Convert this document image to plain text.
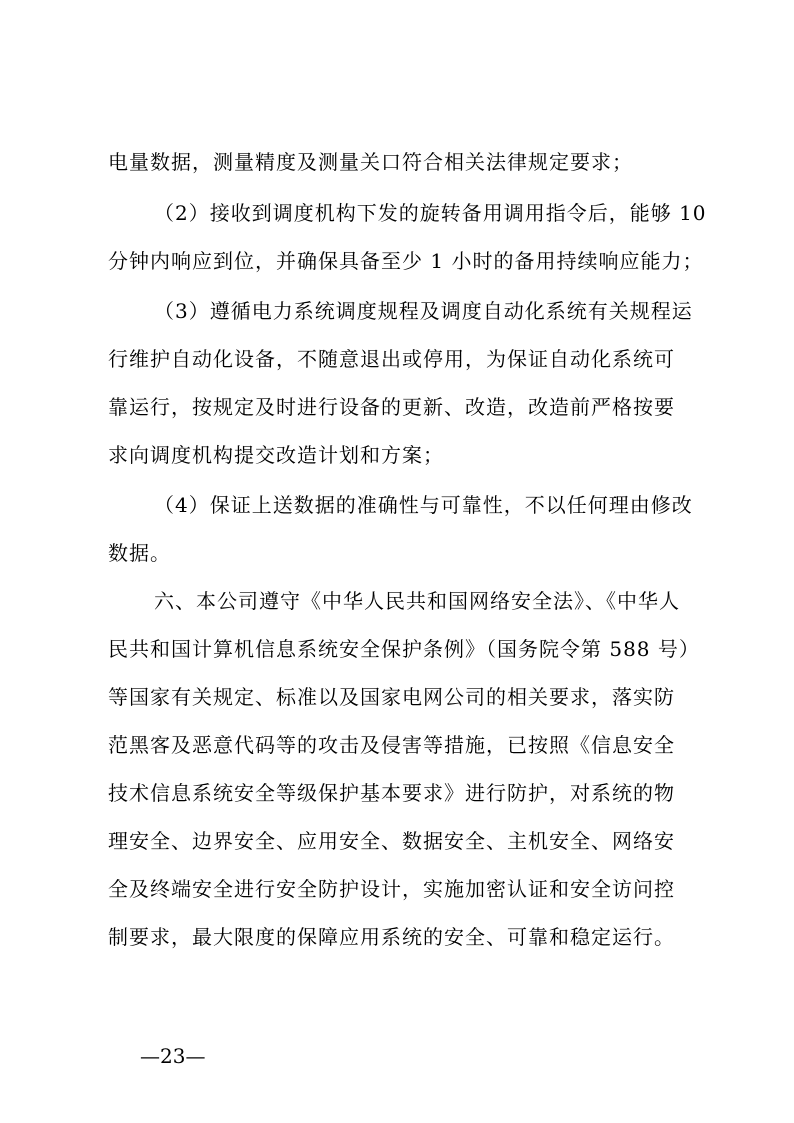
电量数据，测量精度及测量关口符合相关法律规定要求；
（2）接收到调度机构下发的旋转备用调用指令后，能够 10
分钟内响应到位，并确保具备至少 1 小时的备用持续响应能力；
（3）遵循电力系统调度规程及调度自动化系统有关规程运
行维护自动化设备，不随意退出或停用，为保证自动化系统可
靠运行，按规定及时进行设备的更新、改造，改造前严格按要
求向调度机构提交改造计划和方案；
（4）保证上送数据的准确性与可靠性，不以任何理由修改
数据。
六、本公司遵守《中华人民共和国网络安全法》、《中华人
民共和国计算机信息系统安全保护条例》（国务院令第 588 号）
等国家有关规定、标准以及国家电网公司的相关要求，落实防
范黑客及恶意代码等的攻击及侵害等措施，已按照《信息安全
技术信息系统安全等级保护基本要求》进行防护，对系统的物
理安全、边界安全、应用安全、数据安全、主机安全、网络安
全及终端安全进行安全防护设计，实施加密认证和安全访问控
制要求，最大限度的保障应用系统的安全、可靠和稳定运行。
—23—
